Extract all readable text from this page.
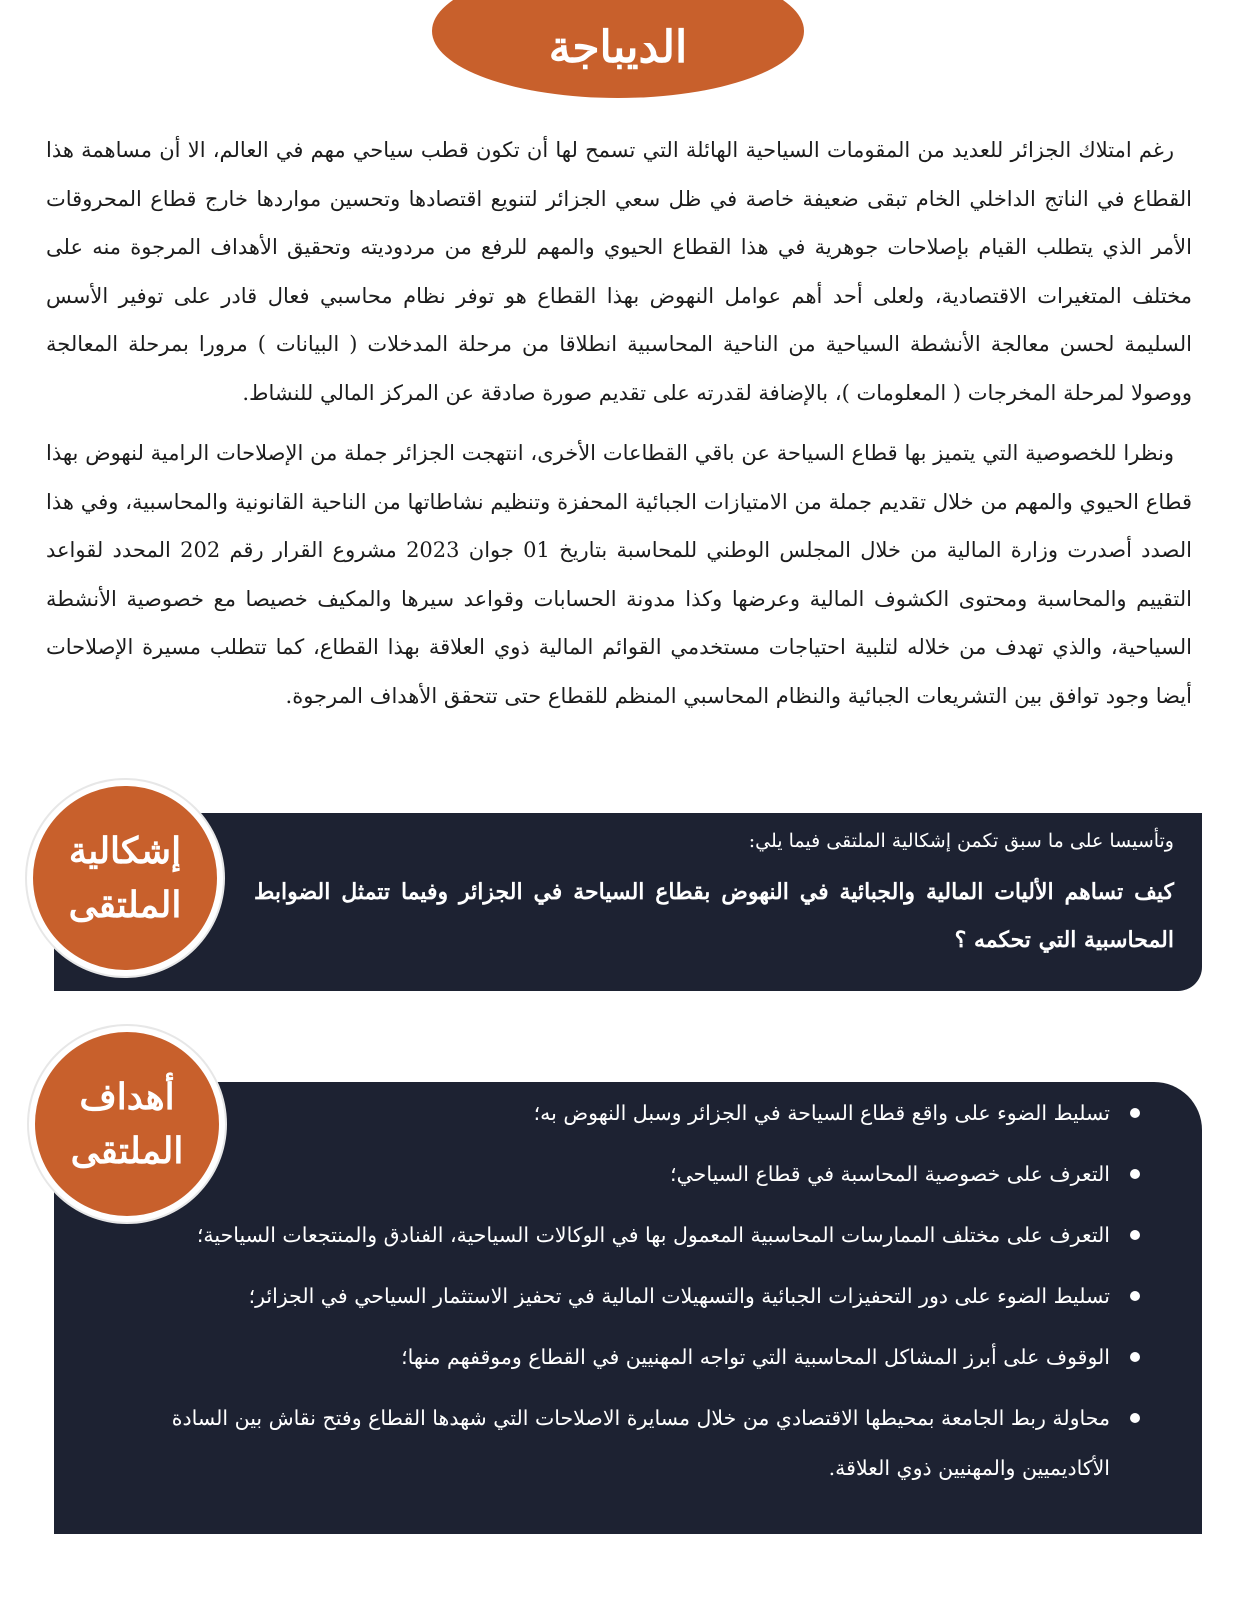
الديباجة

رغم امتلاك الجزائر للعديد من المقومات السياحية الهائلة التي تسمح لها أن تكون قطب سياحي مهم في العالم، الا أن مساهمة هذا القطاع في الناتج الداخلي الخام تبقى ضعيفة خاصة في ظل سعي الجزائر لتنويع اقتصادها وتحسين مواردها خارج قطاع المحروقات الأمر الذي يتطلب القيام بإصلاحات جوهرية في هذا القطاع الحيوي والمهم للرفع من مردوديته وتحقيق الأهداف المرجوة منه على مختلف المتغيرات الاقتصادية، ولعلى أحد أهم عوامل النهوض بهذا القطاع هو توفر نظام محاسبي فعال قادر على توفير الأسس السليمة لحسن معالجة الأنشطة السياحية من الناحية المحاسبية انطلاقا من مرحلة المدخلات ( البيانات ) مرورا بمرحلة المعالجة ووصولا لمرحلة المخرجات ( المعلومات )، بالإضافة لقدرته على تقديم صورة صادقة عن المركز المالي للنشاط.

ونظرا للخصوصية التي يتميز بها قطاع السياحة عن باقي القطاعات الأخرى، انتهجت الجزائر جملة من الإصلاحات الرامية لنهوض بهذا قطاع الحيوي والمهم من خلال تقديم جملة من الامتيازات الجبائية المحفزة وتنظيم نشاطاتها من الناحية القانونية والمحاسبية، وفي هذا الصدد أصدرت وزارة المالية من خلال المجلس الوطني للمحاسبة بتاريخ 01 جوان 2023 مشروع القرار رقم 202 المحدد لقواعد التقييم والمحاسبة ومحتوى الكشوف المالية وعرضها وكذا مدونة الحسابات وقواعد سيرها والمكيف خصيصا مع خصوصية الأنشطة السياحية، والذي تهدف من خلاله لتلبية احتياجات مستخدمي القوائم المالية ذوي العلاقة بهذا القطاع، كما تتطلب مسيرة الإصلاحات أيضا وجود توافق بين التشريعات الجبائية والنظام المحاسبي المنظم للقطاع حتى تتحقق الأهداف المرجوة.

إشكالية
الملتقى
وتأسيسا على ما سبق تكمن إشكالية الملتقى فيما يلي:
كيف تساهم الأليات المالية والجبائية في النهوض بقطاع السياحة في الجزائر وفيما تتمثل الضوابط المحاسبية التي تحكمه ؟
أهداف
الملتقى
تسليط الضوء على واقع قطاع السياحة في الجزائر وسبل النهوض به؛
التعرف على خصوصية المحاسبة في قطاع السياحي؛
التعرف على مختلف الممارسات المحاسبية المعمول بها في الوكالات السياحية، الفنادق والمنتجعات السياحية؛
تسليط الضوء على دور التحفيزات الجبائية والتسهيلات المالية في تحفيز الاستثمار السياحي في الجزائر؛
الوقوف على أبرز المشاكل المحاسبية التي تواجه المهنيين في القطاع وموقفهم منها؛
محاولة ربط الجامعة بمحيطها الاقتصادي من خلال مسايرة الاصلاحات التي شهدها القطاع وفتح نقاش بين السادة الأكاديميين والمهنيين ذوي العلاقة.
